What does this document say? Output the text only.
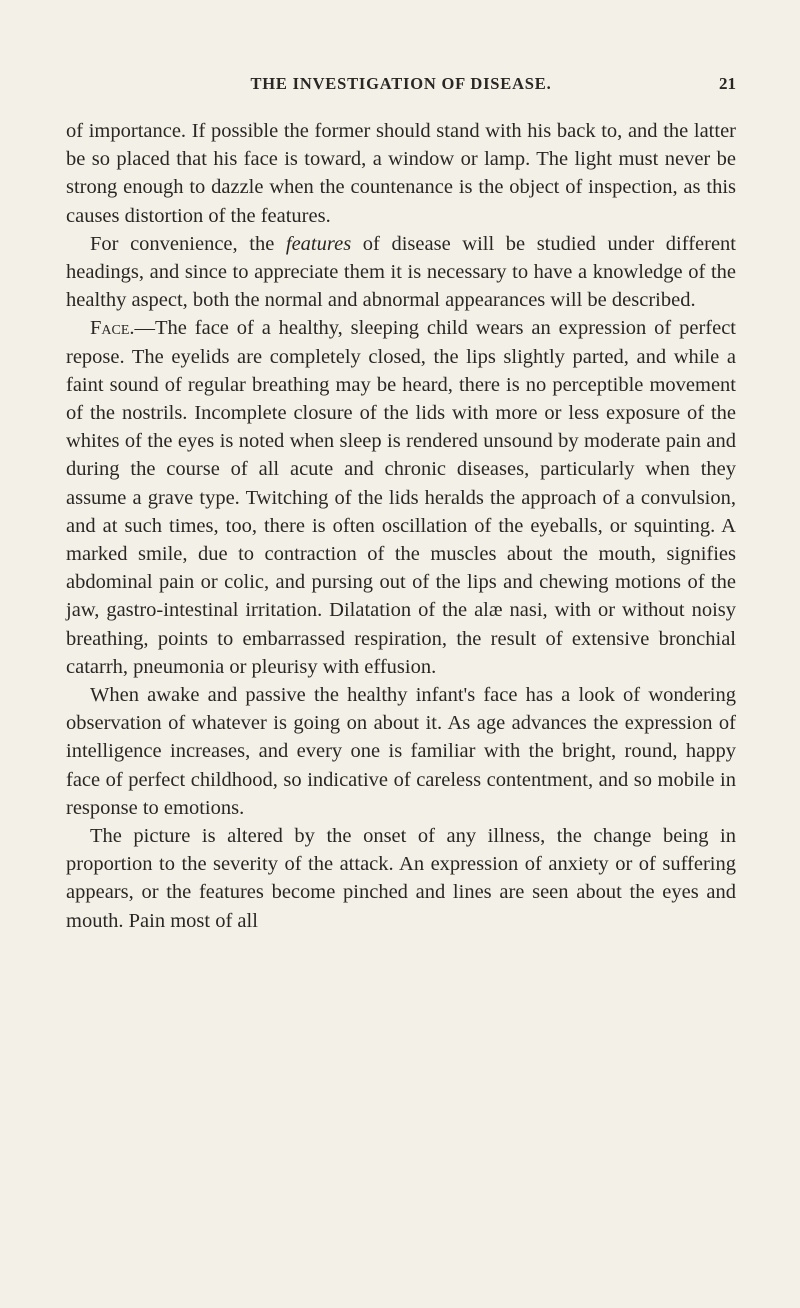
THE INVESTIGATION OF DISEASE.	21

of importance. If possible the former should stand with his back to, and the latter be so placed that his face is toward, a window or lamp. The light must never be strong enough to dazzle when the countenance is the object of inspection, as this causes distortion of the features.

For convenience, the features of disease will be studied under different headings, and since to appreciate them it is necessary to have a knowledge of the healthy aspect, both the normal and abnormal appearances will be described.

Face.—The face of a healthy, sleeping child wears an expression of perfect repose. The eyelids are completely closed, the lips slightly parted, and while a faint sound of regular breathing may be heard, there is no perceptible movement of the nostrils. Incomplete closure of the lids with more or less exposure of the whites of the eyes is noted when sleep is rendered unsound by moderate pain and during the course of all acute and chronic diseases, particularly when they assume a grave type. Twitching of the lids heralds the approach of a convulsion, and at such times, too, there is often oscillation of the eyeballs, or squinting. A marked smile, due to contraction of the muscles about the mouth, signifies abdominal pain or colic, and pursing out of the lips and chewing motions of the jaw, gastro-intestinal irritation. Dilatation of the alæ nasi, with or without noisy breathing, points to embarrassed respiration, the result of extensive bronchial catarrh, pneumonia or pleurisy with effusion.

When awake and passive the healthy infant's face has a look of wondering observation of whatever is going on about it. As age advances the expression of intelligence increases, and every one is familiar with the bright, round, happy face of perfect childhood, so indicative of careless contentment, and so mobile in response to emotions.

The picture is altered by the onset of any illness, the change being in proportion to the severity of the attack. An expression of anxiety or of suffering appears, or the features become pinched and lines are seen about the eyes and mouth. Pain most of all
